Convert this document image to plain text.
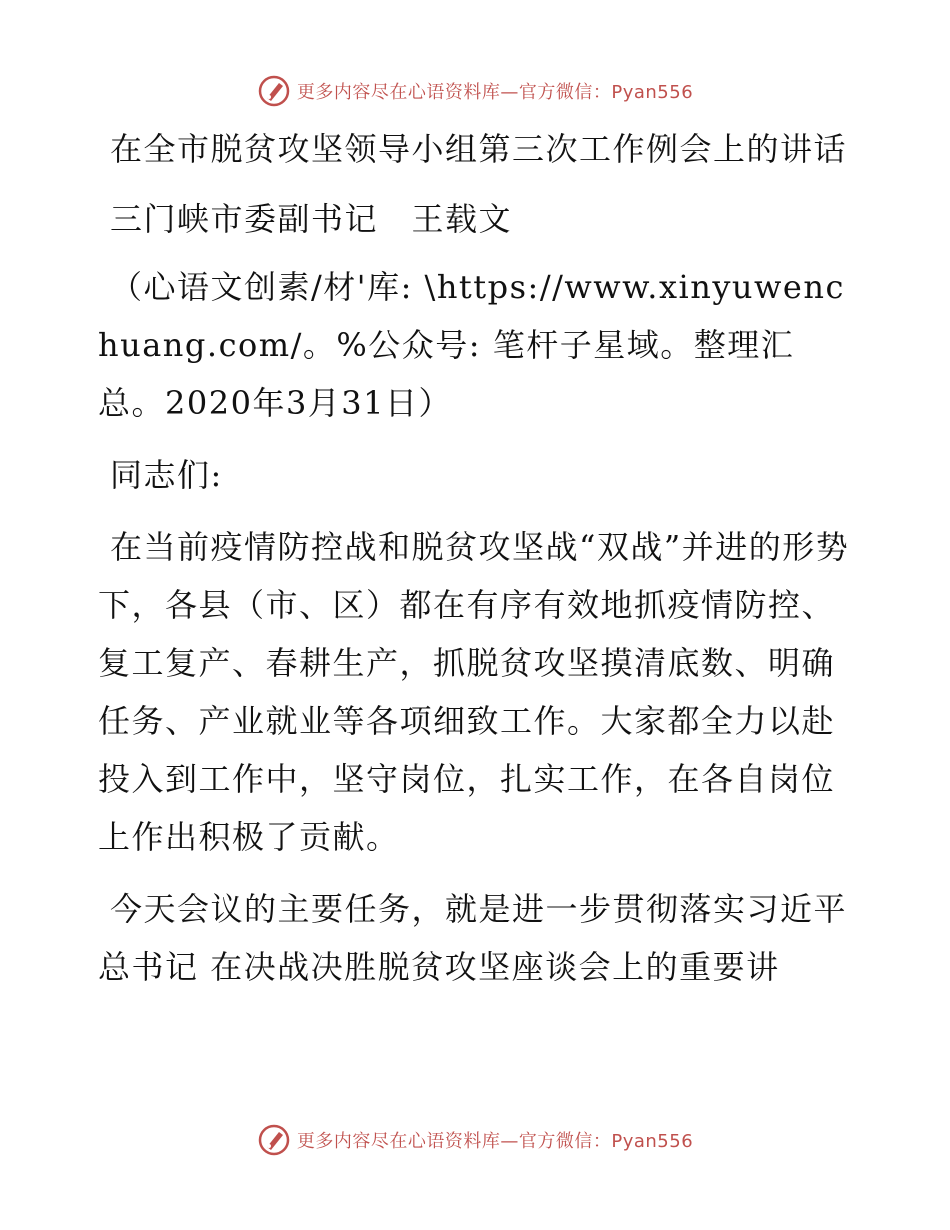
更多内容尽在心语资料库—官方微信：Pyan556

在全市脱贫攻坚领导小组第三次工作例会上的讲话

三门峡市委副书记　王载文

（心语文创素/材'库: \https://www.xinyuwenchuang.com/。%公众号: 笔杆子星域。整理汇总。2020年3月31日）

同志们:

在当前疫情防控战和脱贫攻坚战“双战”并进的形势下，各县（市、区）都在有序有效地抓疫情防控、复工复产、春耕生产，抓脱贫攻坚摸清底数、明确任务、产业就业等各项细致工作。大家都全力以赴投入到工作中，坚守岗位，扎实工作，在各自岗位上作出积极了贡献。

今天会议的主要任务，就是进一步贯彻落实习近平总书记 在决战决胜脱贫攻坚座谈会上的重要讲

更多内容尽在心语资料库—官方微信：Pyan556
